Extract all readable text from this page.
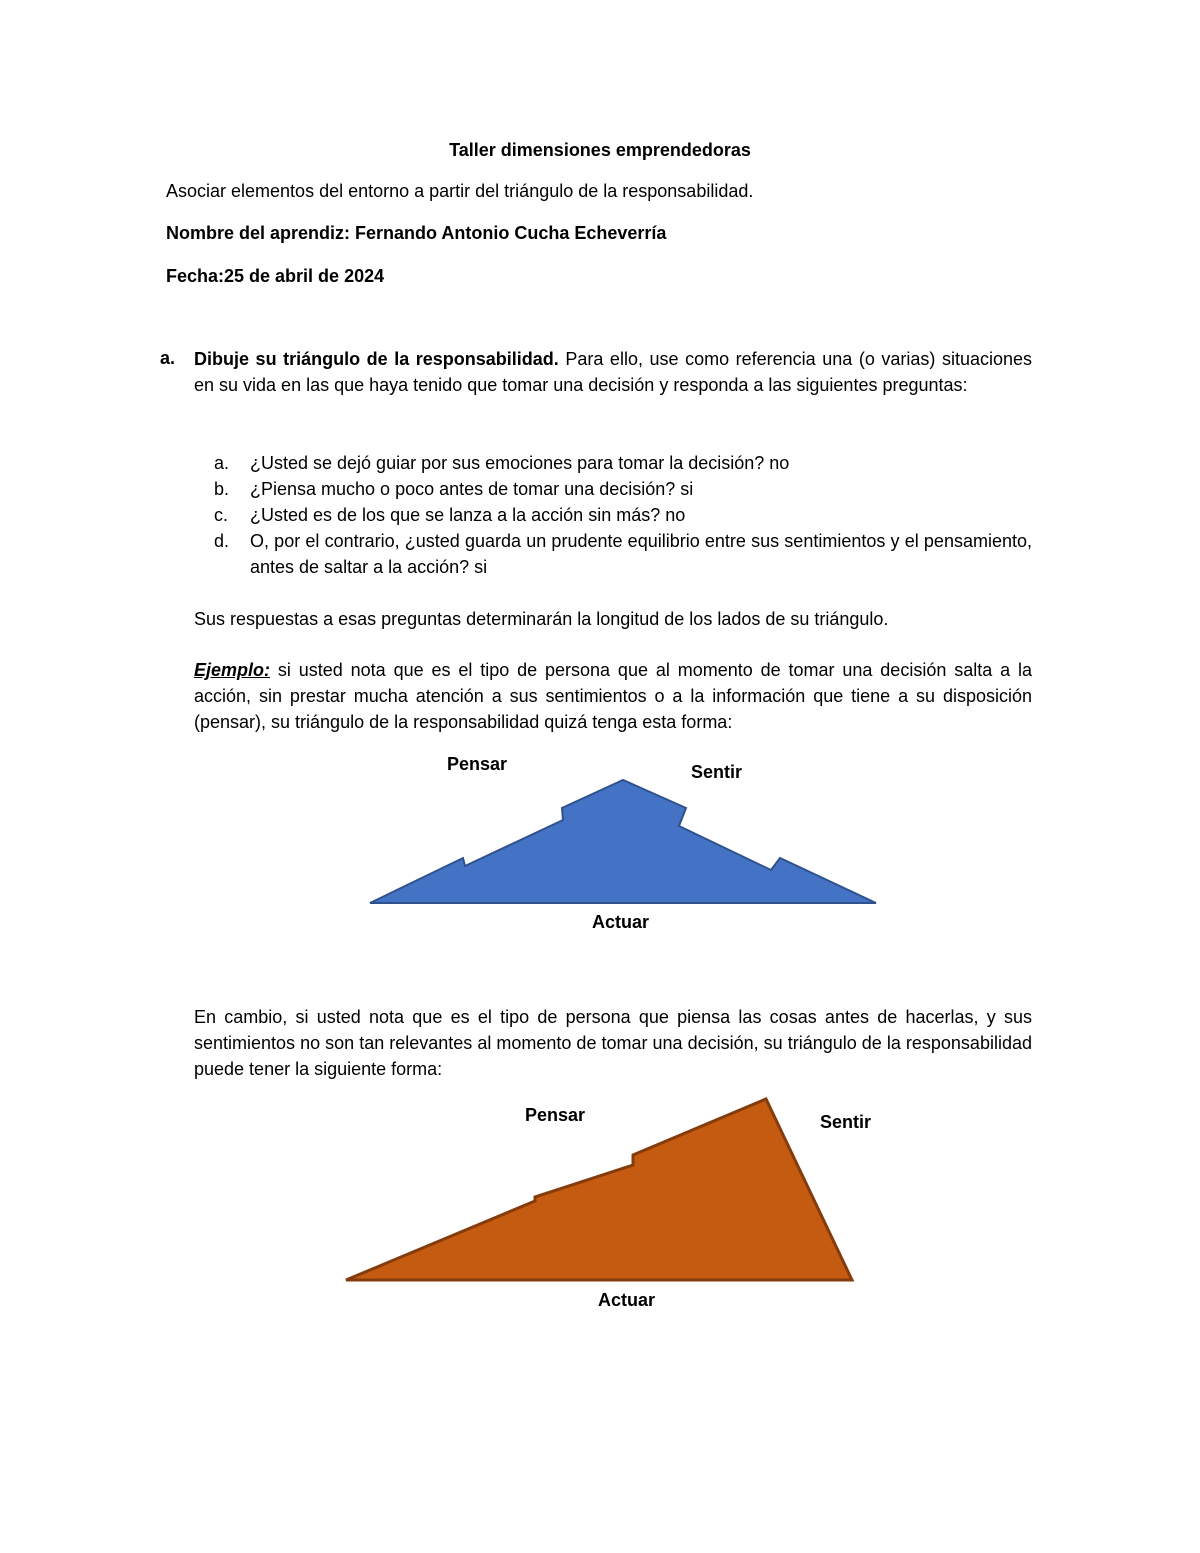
Taller dimensiones emprendedoras
Asociar elementos del entorno a partir del triángulo de la responsabilidad.
Nombre del aprendiz: Fernando Antonio Cucha Echeverría
Fecha:25 de abril de 2024
a. Dibuje su triángulo de la responsabilidad. Para ello, use como referencia una (o varias) situaciones en su vida en las que haya tenido que tomar una decisión y responda a las siguientes preguntas:
a. ¿Usted se dejó guiar por sus emociones para tomar la decisión? no
b. ¿Piensa mucho o poco antes de tomar una decisión? si
c. ¿Usted es de los que se lanza a la acción sin más? no
d. O, por el contrario, ¿usted guarda un prudente equilibrio entre sus sentimientos y el pensamiento, antes de saltar a la acción? si
Sus respuestas a esas preguntas determinarán la longitud de los lados de su triángulo.
Ejemplo: si usted nota que es el tipo de persona que al momento de tomar una decisión salta a la acción, sin prestar mucha atención a sus sentimientos o a la información que tiene a su disposición (pensar), su triángulo de la responsabilidad quizá tenga esta forma:
Pensar	Sentir
Actuar
En cambio, si usted nota que es el tipo de persona que piensa las cosas antes de hacerlas, y sus sentimientos no son tan relevantes al momento de tomar una decisión, su triángulo de la responsabilidad puede tener la siguiente forma:
Pensar	Sentir
Actuar
